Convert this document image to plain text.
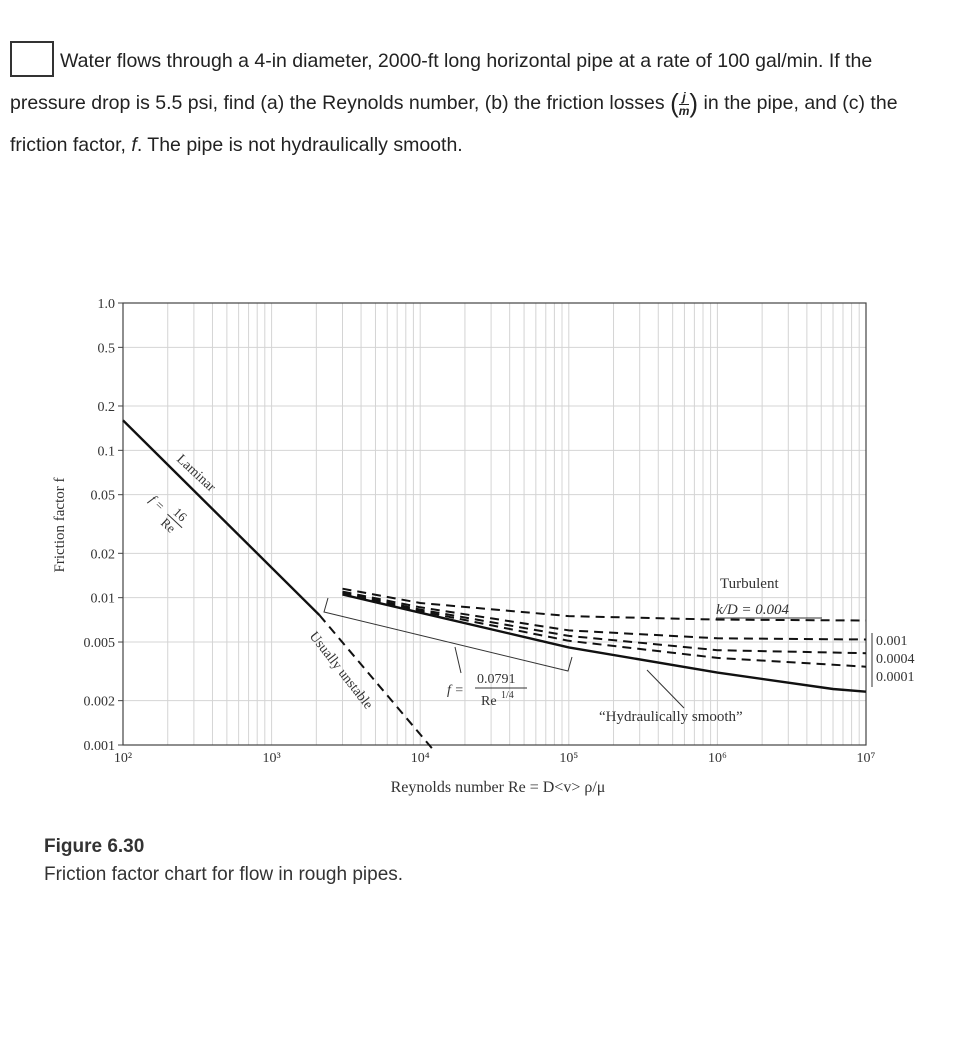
Water flows through a 4-in diameter, 2000-ft long horizontal pipe at a rate of 100 gal/min. If the pressure drop is 5.5 psi, find (a) the Reynolds number, (b) the friction losses ( $\frac{j}{m}$ ) in the pipe, and (c) the friction factor, f. The pipe is not hydraulically smooth.
1.0
0.5
0.2
0.1
0.05
0.02
0.01
0.005
0.002
0.001
10²	10³	10⁴	10⁵	10⁶	10⁷
Friction factor f
Reynolds number Re = D<v> ρ/μ
Laminar
f =
16
Re
Usually unstable
Turbulent
k/D = 0.004
0.001
0.0004
0.0001
f =
0.0791
Re 1/4
“Hydraulically smooth”
Figure 6.30
Friction factor chart for flow in rough pipes.
